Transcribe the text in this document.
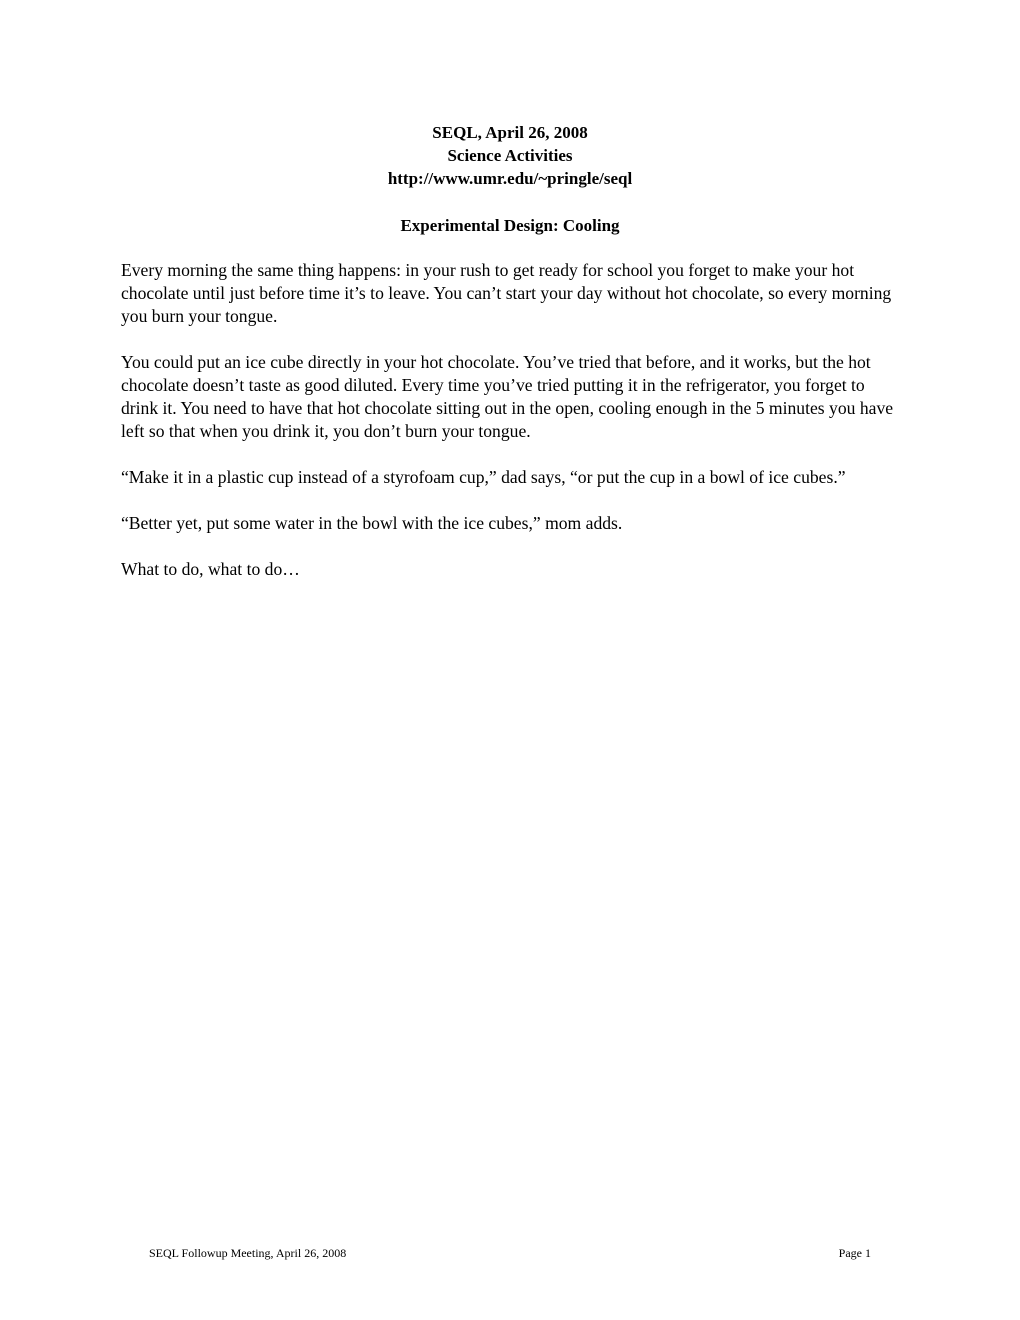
SEQL, April 26, 2008
Science Activities
http://www.umr.edu/~pringle/seql
Experimental Design: Cooling

Every morning the same thing happens: in your rush to get ready for school you forget to make your hot chocolate until just before time it’s to leave. You can’t start your day without hot chocolate, so every morning you burn your tongue.

You could put an ice cube directly in your hot chocolate. You’ve tried that before, and it works, but the hot chocolate doesn’t taste as good diluted. Every time you’ve tried putting it in the refrigerator, you forget to drink it. You need to have that hot chocolate sitting out in the open, cooling enough in the 5 minutes you have left so that when you drink it, you don’t burn your tongue.

“Make it in a plastic cup instead of a styrofoam cup,” dad says, “or put the cup in a bowl of ice cubes.”

“Better yet, put some water in the bowl with the ice cubes,” mom adds.

What to do, what to do…

SEQL Followup Meeting, April 26, 2008	Page 1
